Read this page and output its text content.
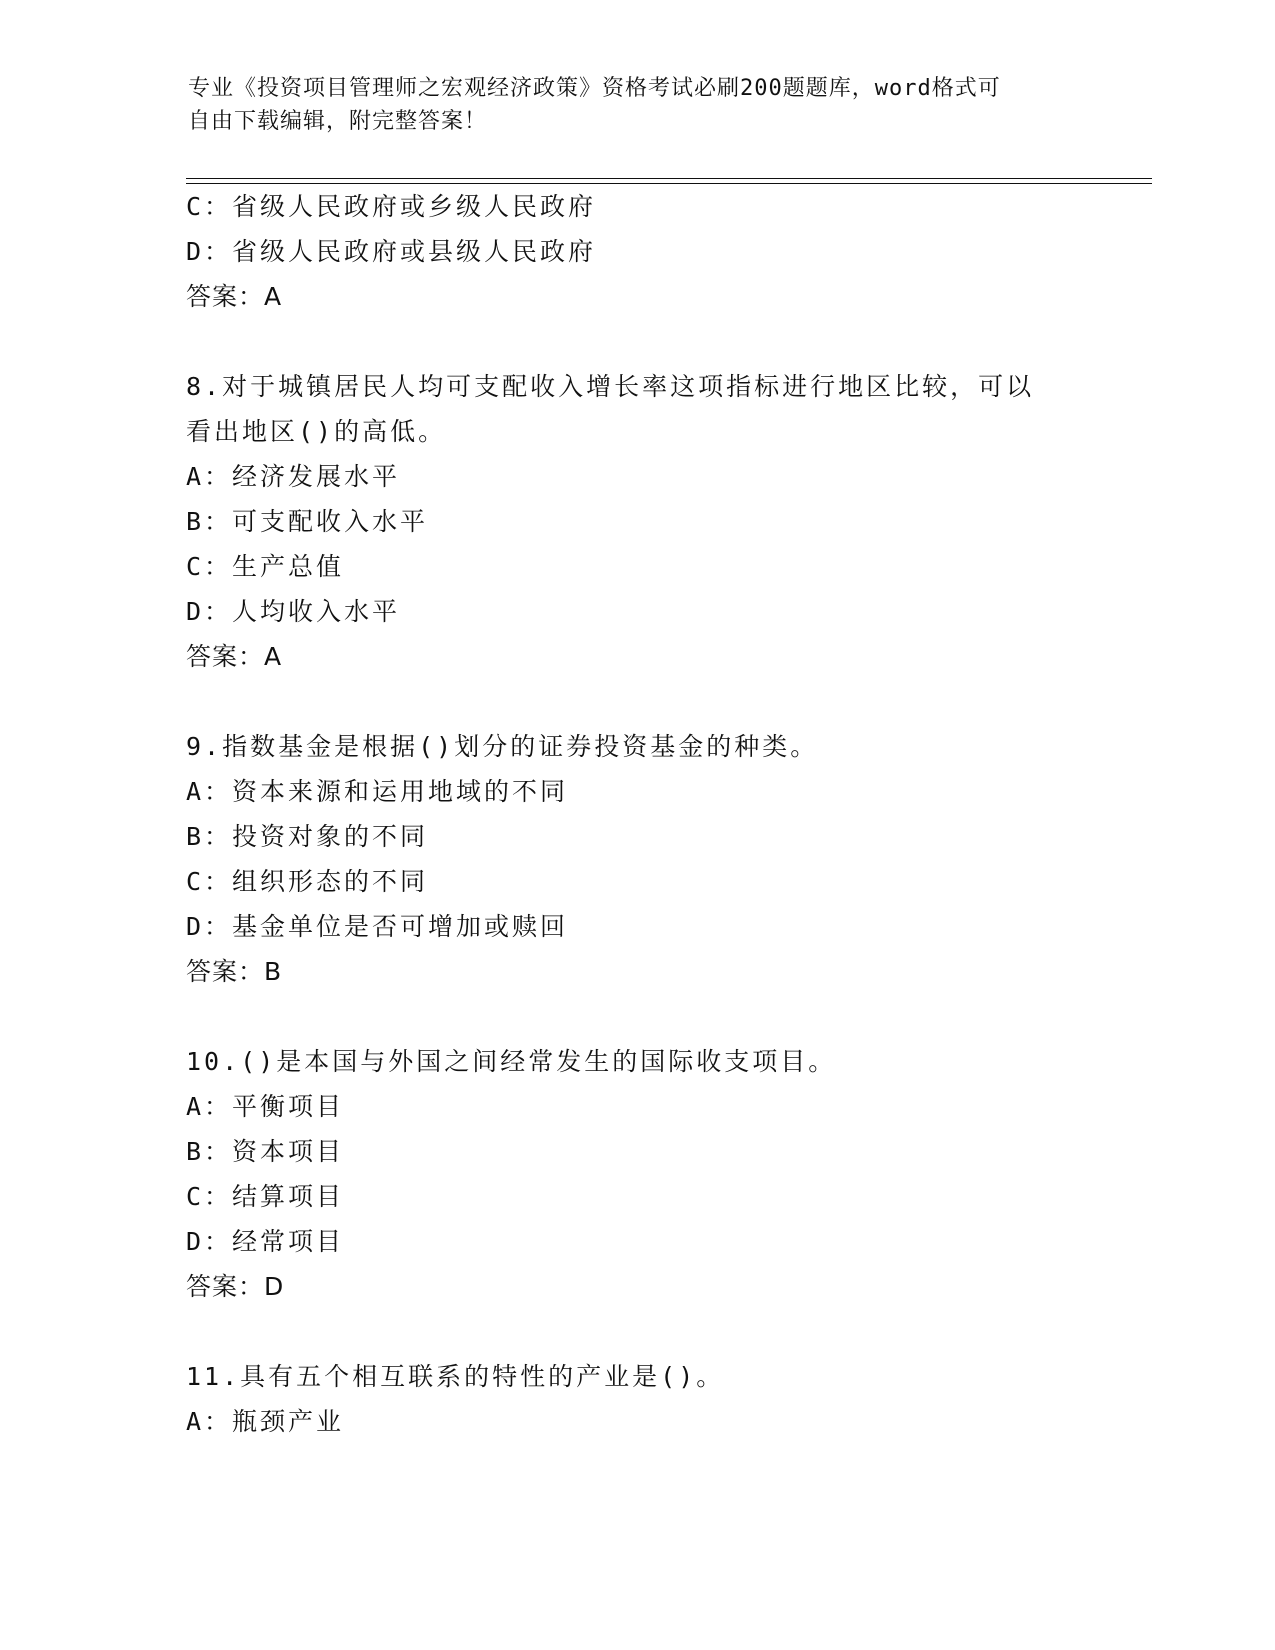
专业《投资项目管理师之宏观经济政策》资格考试必刷200题题库，word格式可
自由下载编辑，附完整答案！
C：省级人民政府或乡级人民政府
D：省级人民政府或县级人民政府
答案：A
8.对于城镇居民人均可支配收入增长率这项指标进行地区比较，可以
看出地区()的高低。
A：经济发展水平
B：可支配收入水平
C：生产总值
D：人均收入水平
答案：A
9.指数基金是根据()划分的证券投资基金的种类。
A：资本来源和运用地域的不同
B：投资对象的不同
C：组织形态的不同
D：基金单位是否可增加或赎回
答案：B
10.()是本国与外国之间经常发生的国际收支项目。
A：平衡项目
B：资本项目
C：结算项目
D：经常项目
答案：D
11.具有五个相互联系的特性的产业是()。
A：瓶颈产业
